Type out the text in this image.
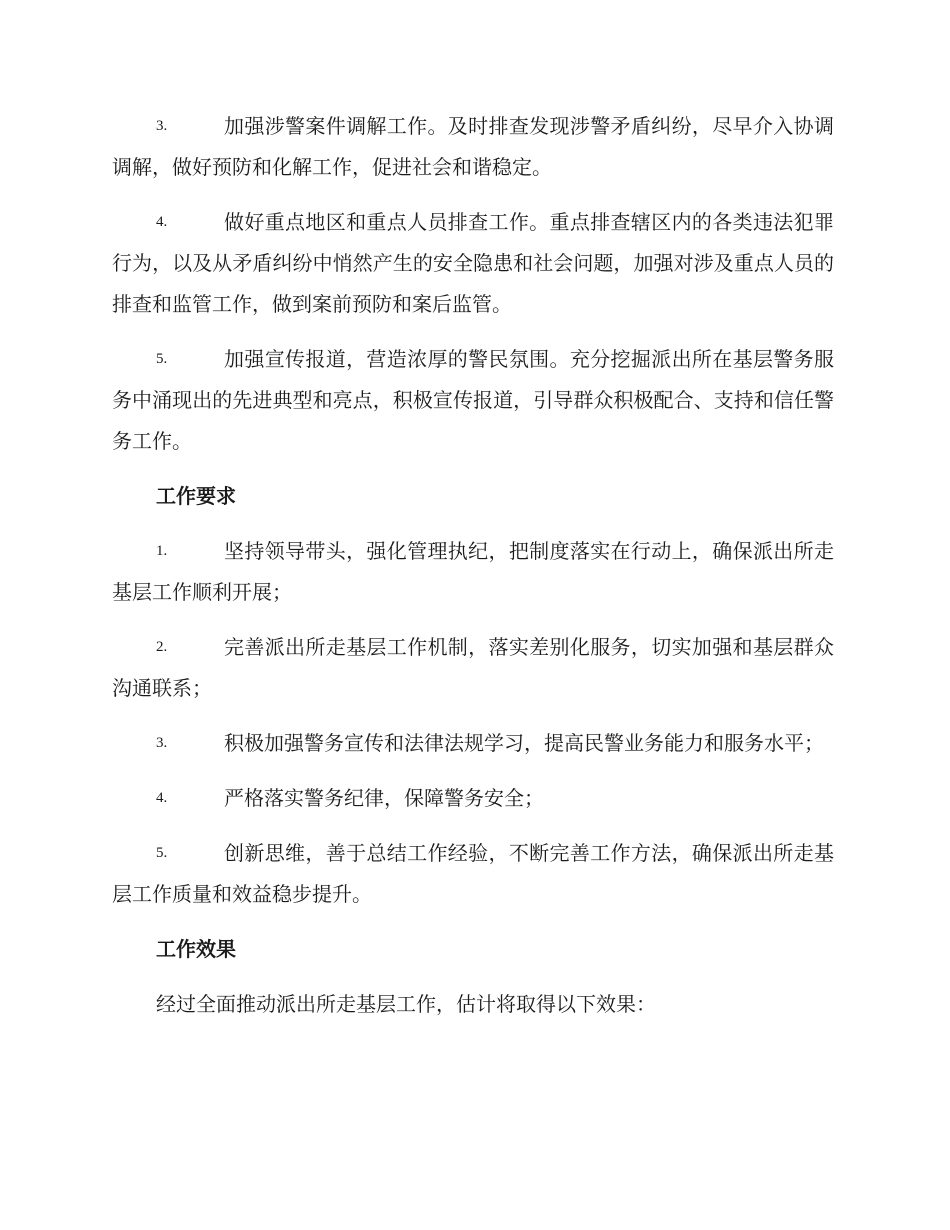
3.	加强涉警案件调解工作。及时排查发现涉警矛盾纠纷，尽早介入协调调解，做好预防和化解工作，促进社会和谐稳定。
4.	做好重点地区和重点人员排查工作。重点排查辖区内的各类违法犯罪行为，以及从矛盾纠纷中悄然产生的安全隐患和社会问题，加强对涉及重点人员的排查和监管工作，做到案前预防和案后监管。
5.	加强宣传报道，营造浓厚的警民氛围。充分挖掘派出所在基层警务服务中涌现出的先进典型和亮点，积极宣传报道，引导群众积极配合、支持和信任警务工作。
工作要求
1.	坚持领导带头，强化管理执纪，把制度落实在行动上，确保派出所走基层工作顺利开展；
2.	完善派出所走基层工作机制，落实差别化服务，切实加强和基层群众沟通联系；
3.	积极加强警务宣传和法律法规学习，提高民警业务能力和服务水平；
4.	严格落实警务纪律，保障警务安全；
5.	创新思维，善于总结工作经验，不断完善工作方法，确保派出所走基层工作质量和效益稳步提升。
工作效果
经过全面推动派出所走基层工作，估计将取得以下效果：
